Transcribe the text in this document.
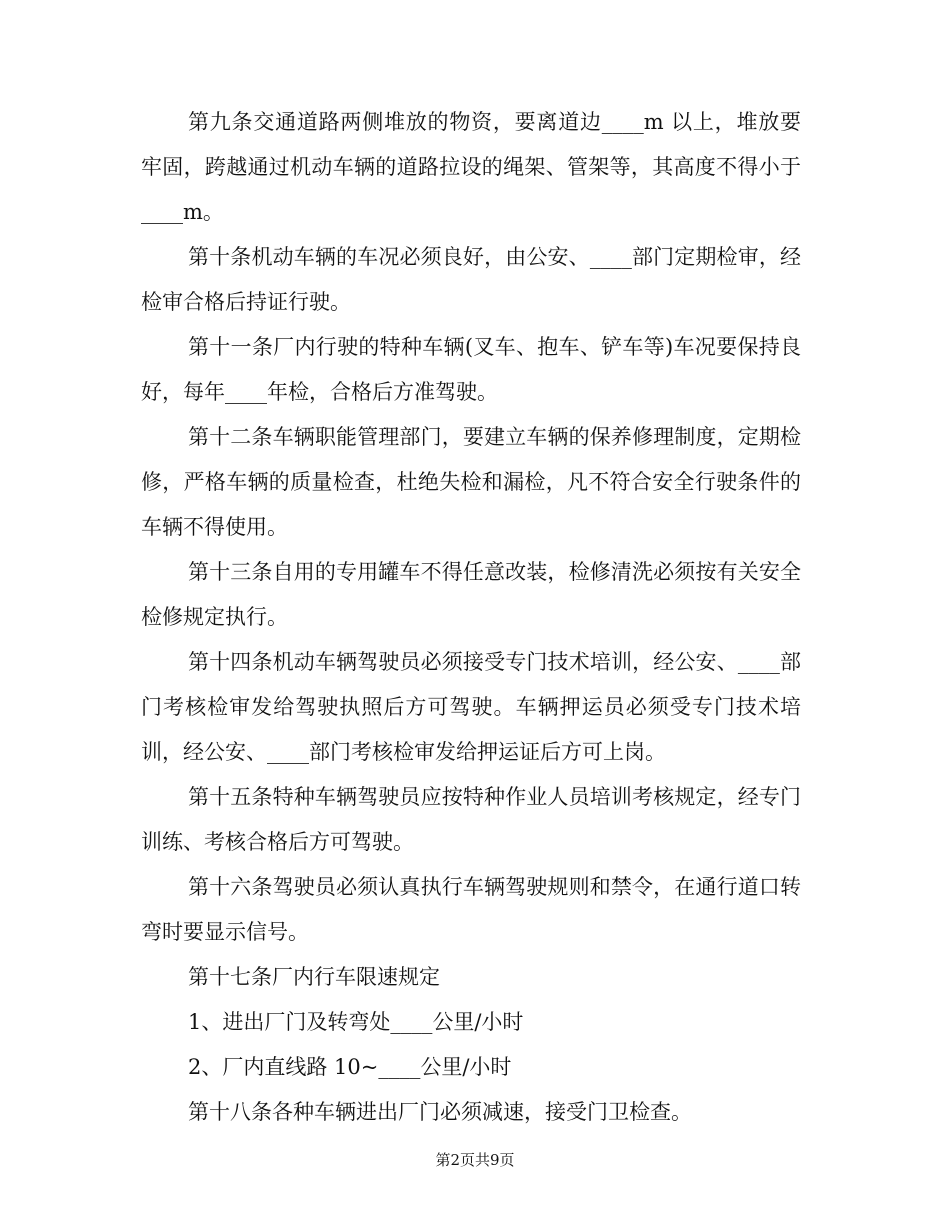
第九条交通道路两侧堆放的物资，要离道边____m 以上，堆放要牢固，跨越通过机动车辆的道路拉设的绳架、管架等，其高度不得小于____m。

第十条机动车辆的车况必须良好，由公安、____部门定期检审，经检审合格后持证行驶。

第十一条厂内行驶的特种车辆(叉车、抱车、铲车等)车况要保持良好，每年____年检，合格后方准驾驶。

第十二条车辆职能管理部门，要建立车辆的保养修理制度，定期检修，严格车辆的质量检查，杜绝失检和漏检，凡不符合安全行驶条件的车辆不得使用。

第十三条自用的专用罐车不得任意改装，检修清洗必须按有关安全检修规定执行。

第十四条机动车辆驾驶员必须接受专门技术培训，经公安、____部门考核检审发给驾驶执照后方可驾驶。车辆押运员必须受专门技术培训，经公安、____部门考核检审发给押运证后方可上岗。

第十五条特种车辆驾驶员应按特种作业人员培训考核规定，经专门训练、考核合格后方可驾驶。

第十六条驾驶员必须认真执行车辆驾驶规则和禁令，在通行道口转弯时要显示信号。

第十七条厂内行车限速规定

1、进出厂门及转弯处____公里/小时

2、厂内直线路 10~____公里/小时

第十八条各种车辆进出厂门必须减速，接受门卫检查。

第2页共9页
